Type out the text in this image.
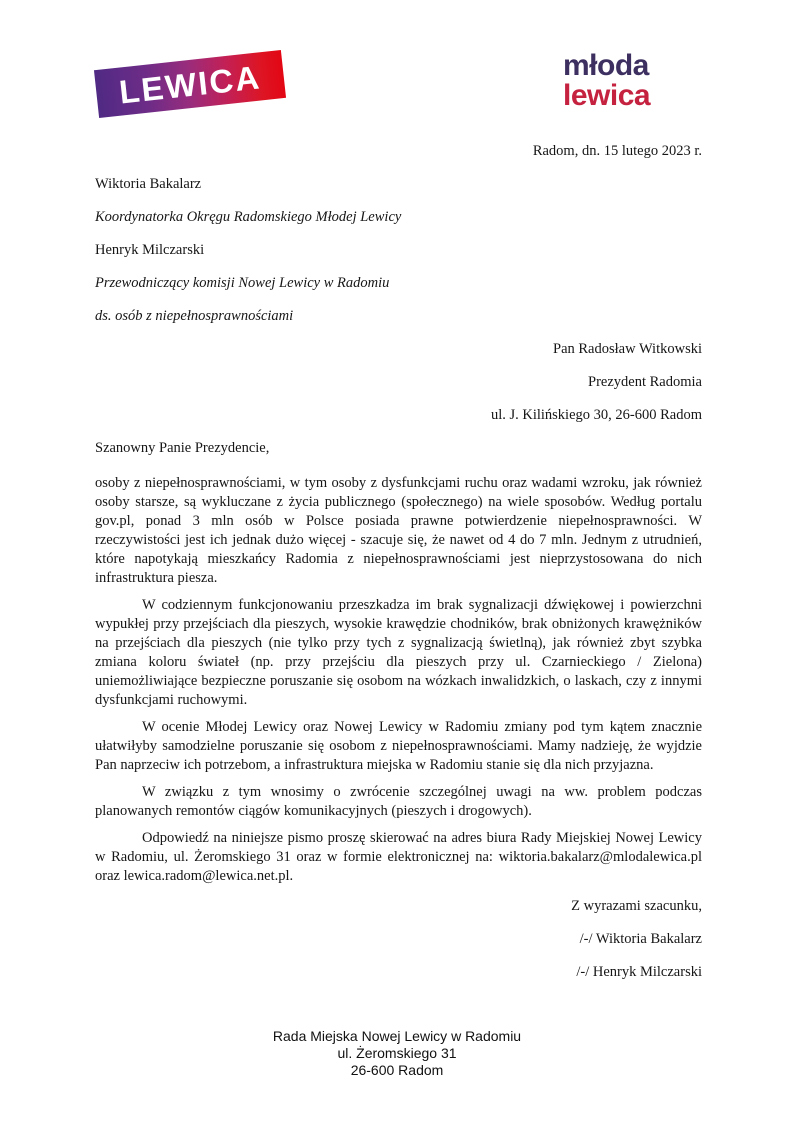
LEWICA	młoda
lewica
Radom, dn. 15 lutego 2023 r.
Wiktoria Bakalarz
Koordynatorka Okręgu Radomskiego Młodej Lewicy
Henryk Milczarski
Przewodniczący komisji Nowej Lewicy w Radomiu
ds. osób z niepełnosprawnościami
Pan Radosław Witkowski
Prezydent Radomia
ul. J. Kilińskiego 30, 26-600 Radom
Szanowny Panie Prezydencie,

osoby z niepełnosprawnościami, w tym osoby z dysfunkcjami ruchu oraz wadami wzroku, jak również osoby starsze, są wykluczane z życia publicznego (społecznego) na wiele sposobów. Według portalu gov.pl, ponad 3 mln osób w Polsce posiada prawne potwierdzenie niepełnosprawności. W rzeczywistości jest ich jednak dużo więcej - szacuje się, że nawet od 4 do 7 mln. Jednym z utrudnień, które napotykają mieszkańcy Radomia z niepełnosprawnościami jest nieprzystosowana do nich infrastruktura piesza.

W codziennym funkcjonowaniu przeszkadza im brak sygnalizacji dźwiękowej i powierzchni wypukłej przy przejściach dla pieszych, wysokie krawędzie chodników, brak obniżonych krawężników na przejściach dla pieszych (nie tylko przy tych z sygnalizacją świetlną), jak również zbyt szybka zmiana koloru świateł (np. przy przejściu dla pieszych przy ul. Czarnieckiego / Zielona) uniemożliwiające bezpieczne poruszanie się osobom na wózkach inwalidzkich, o laskach, czy z innymi dysfunkcjami ruchowymi.

W ocenie Młodej Lewicy oraz Nowej Lewicy w Radomiu zmiany pod tym kątem znacznie ułatwiłyby samodzielne poruszanie się osobom z niepełnosprawnościami. Mamy nadzieję, że wyjdzie Pan naprzeciw ich potrzebom, a infrastruktura miejska w Radomiu stanie się dla nich przyjazna.

W związku z tym wnosimy o zwrócenie szczególnej uwagi na ww. problem podczas planowanych remontów ciągów komunikacyjnych (pieszych i drogowych).

Odpowiedź na niniejsze pismo proszę skierować na adres biura Rady Miejskiej Nowej Lewicy w Radomiu, ul. Żeromskiego 31 oraz w formie elektronicznej na: wiktoria.bakalarz@mlodalewica.pl oraz lewica.radom@lewica.net.pl.

Z wyrazami szacunku,
/-/ Wiktoria Bakalarz
/-/ Henryk Milczarski
Rada Miejska Nowej Lewicy w Radomiu
ul. Żeromskiego 31
26-600 Radom
